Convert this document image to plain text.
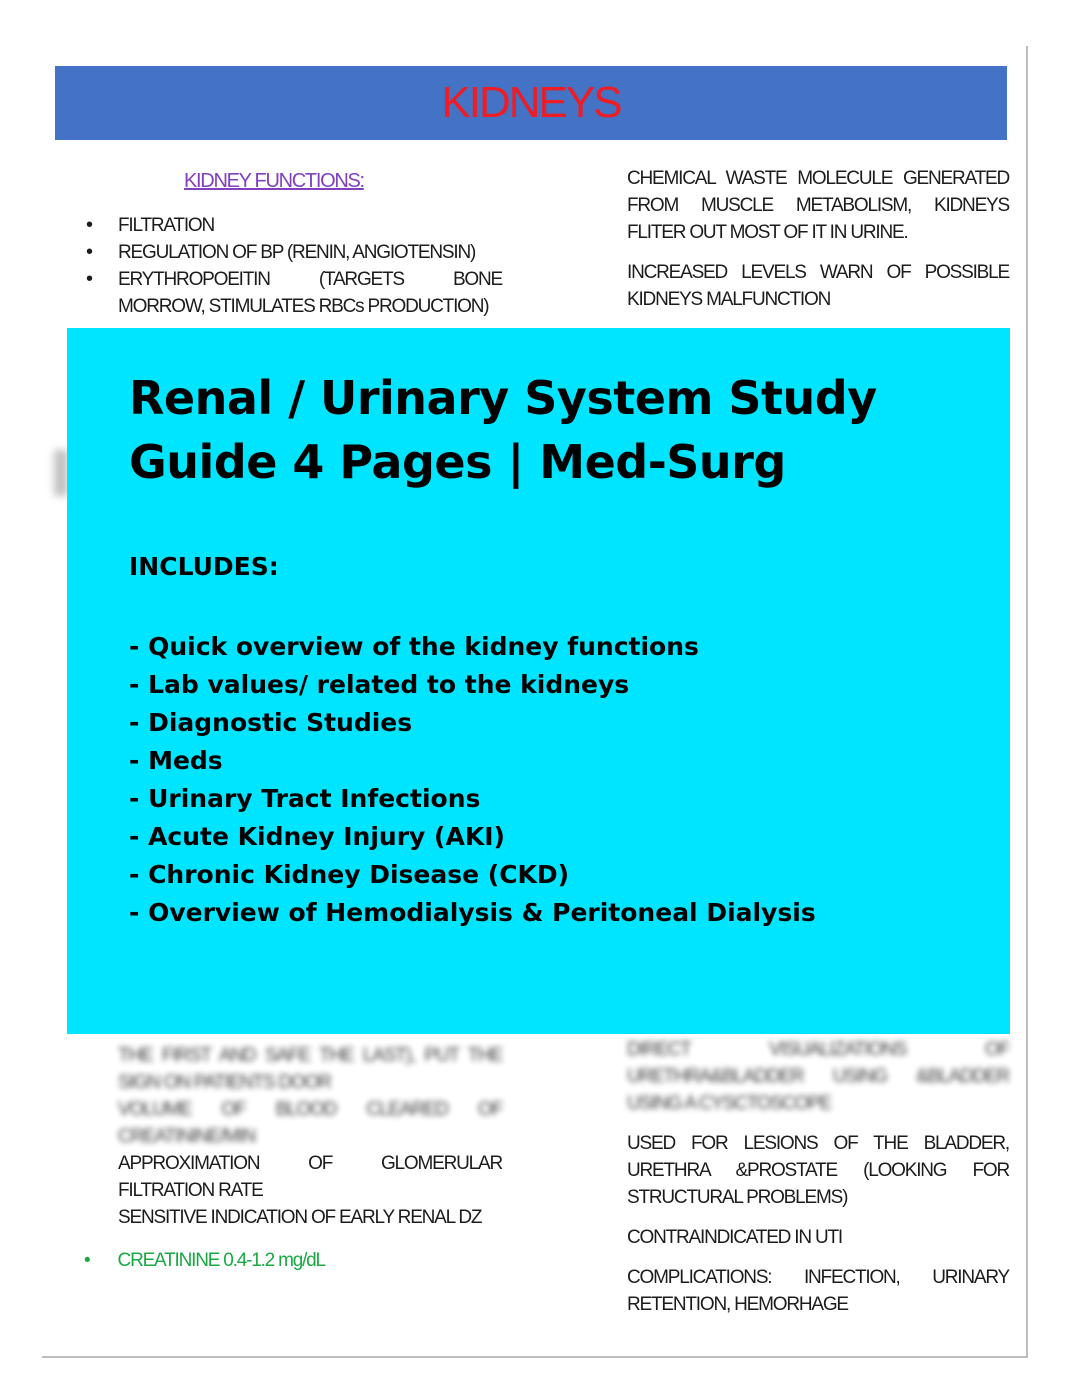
KIDNEYS
KIDNEY FUNCTIONS:
• FILTRATION
• REGULATION OF BP (RENIN, ANGIOTENSIN)
• ERYTHROPOEITIN (TARGETS BONE MORROW, STIMULATES RBCs PRODUCTION)

CHEMICAL WASTE MOLECULE GENERATED FROM MUSCLE METABOLISM, KIDNEYS FLITER OUT MOST OF IT IN URINE.

INCREASED LEVELS WARN OF POSSIBLE KIDNEYS MALFUNCTION

THE FIRST AND SAFE THE LAST), PUT THE SIGN ON PATIENTS DOOR
VOLUME OF BLOOD CLEARED OF CREATININE/MIN
APPROXIMATION OF GLOMERULAR FILTRATION RATE
SENSITIVE INDICATION OF EARLY RENAL DZ
• CREATININE 0.4-1.2 mg/dL

DIRECT VISUALIZATIONS OF URETHRA&BLADDER USING &BLADDER USING A CYSCTOSCOPE

USED FOR LESIONS OF THE BLADDER, URETHRA &PROSTATE (LOOKING FOR STRUCTURAL PROBLEMS)

CONTRAINDICATED IN UTI

COMPLICATIONS: INFECTION, URINARY RETENTION, HEMORHAGE

Renal / Urinary System Study Guide 4 Pages | Med-Surg

INCLUDES:

- Quick overview of the kidney functions
- Lab values/ related to the kidneys
- Diagnostic Studies
- Meds
- Urinary Tract Infections
- Acute Kidney Injury (AKI)
- Chronic Kidney Disease (CKD)
- Overview of Hemodialysis & Peritoneal Dialysis
